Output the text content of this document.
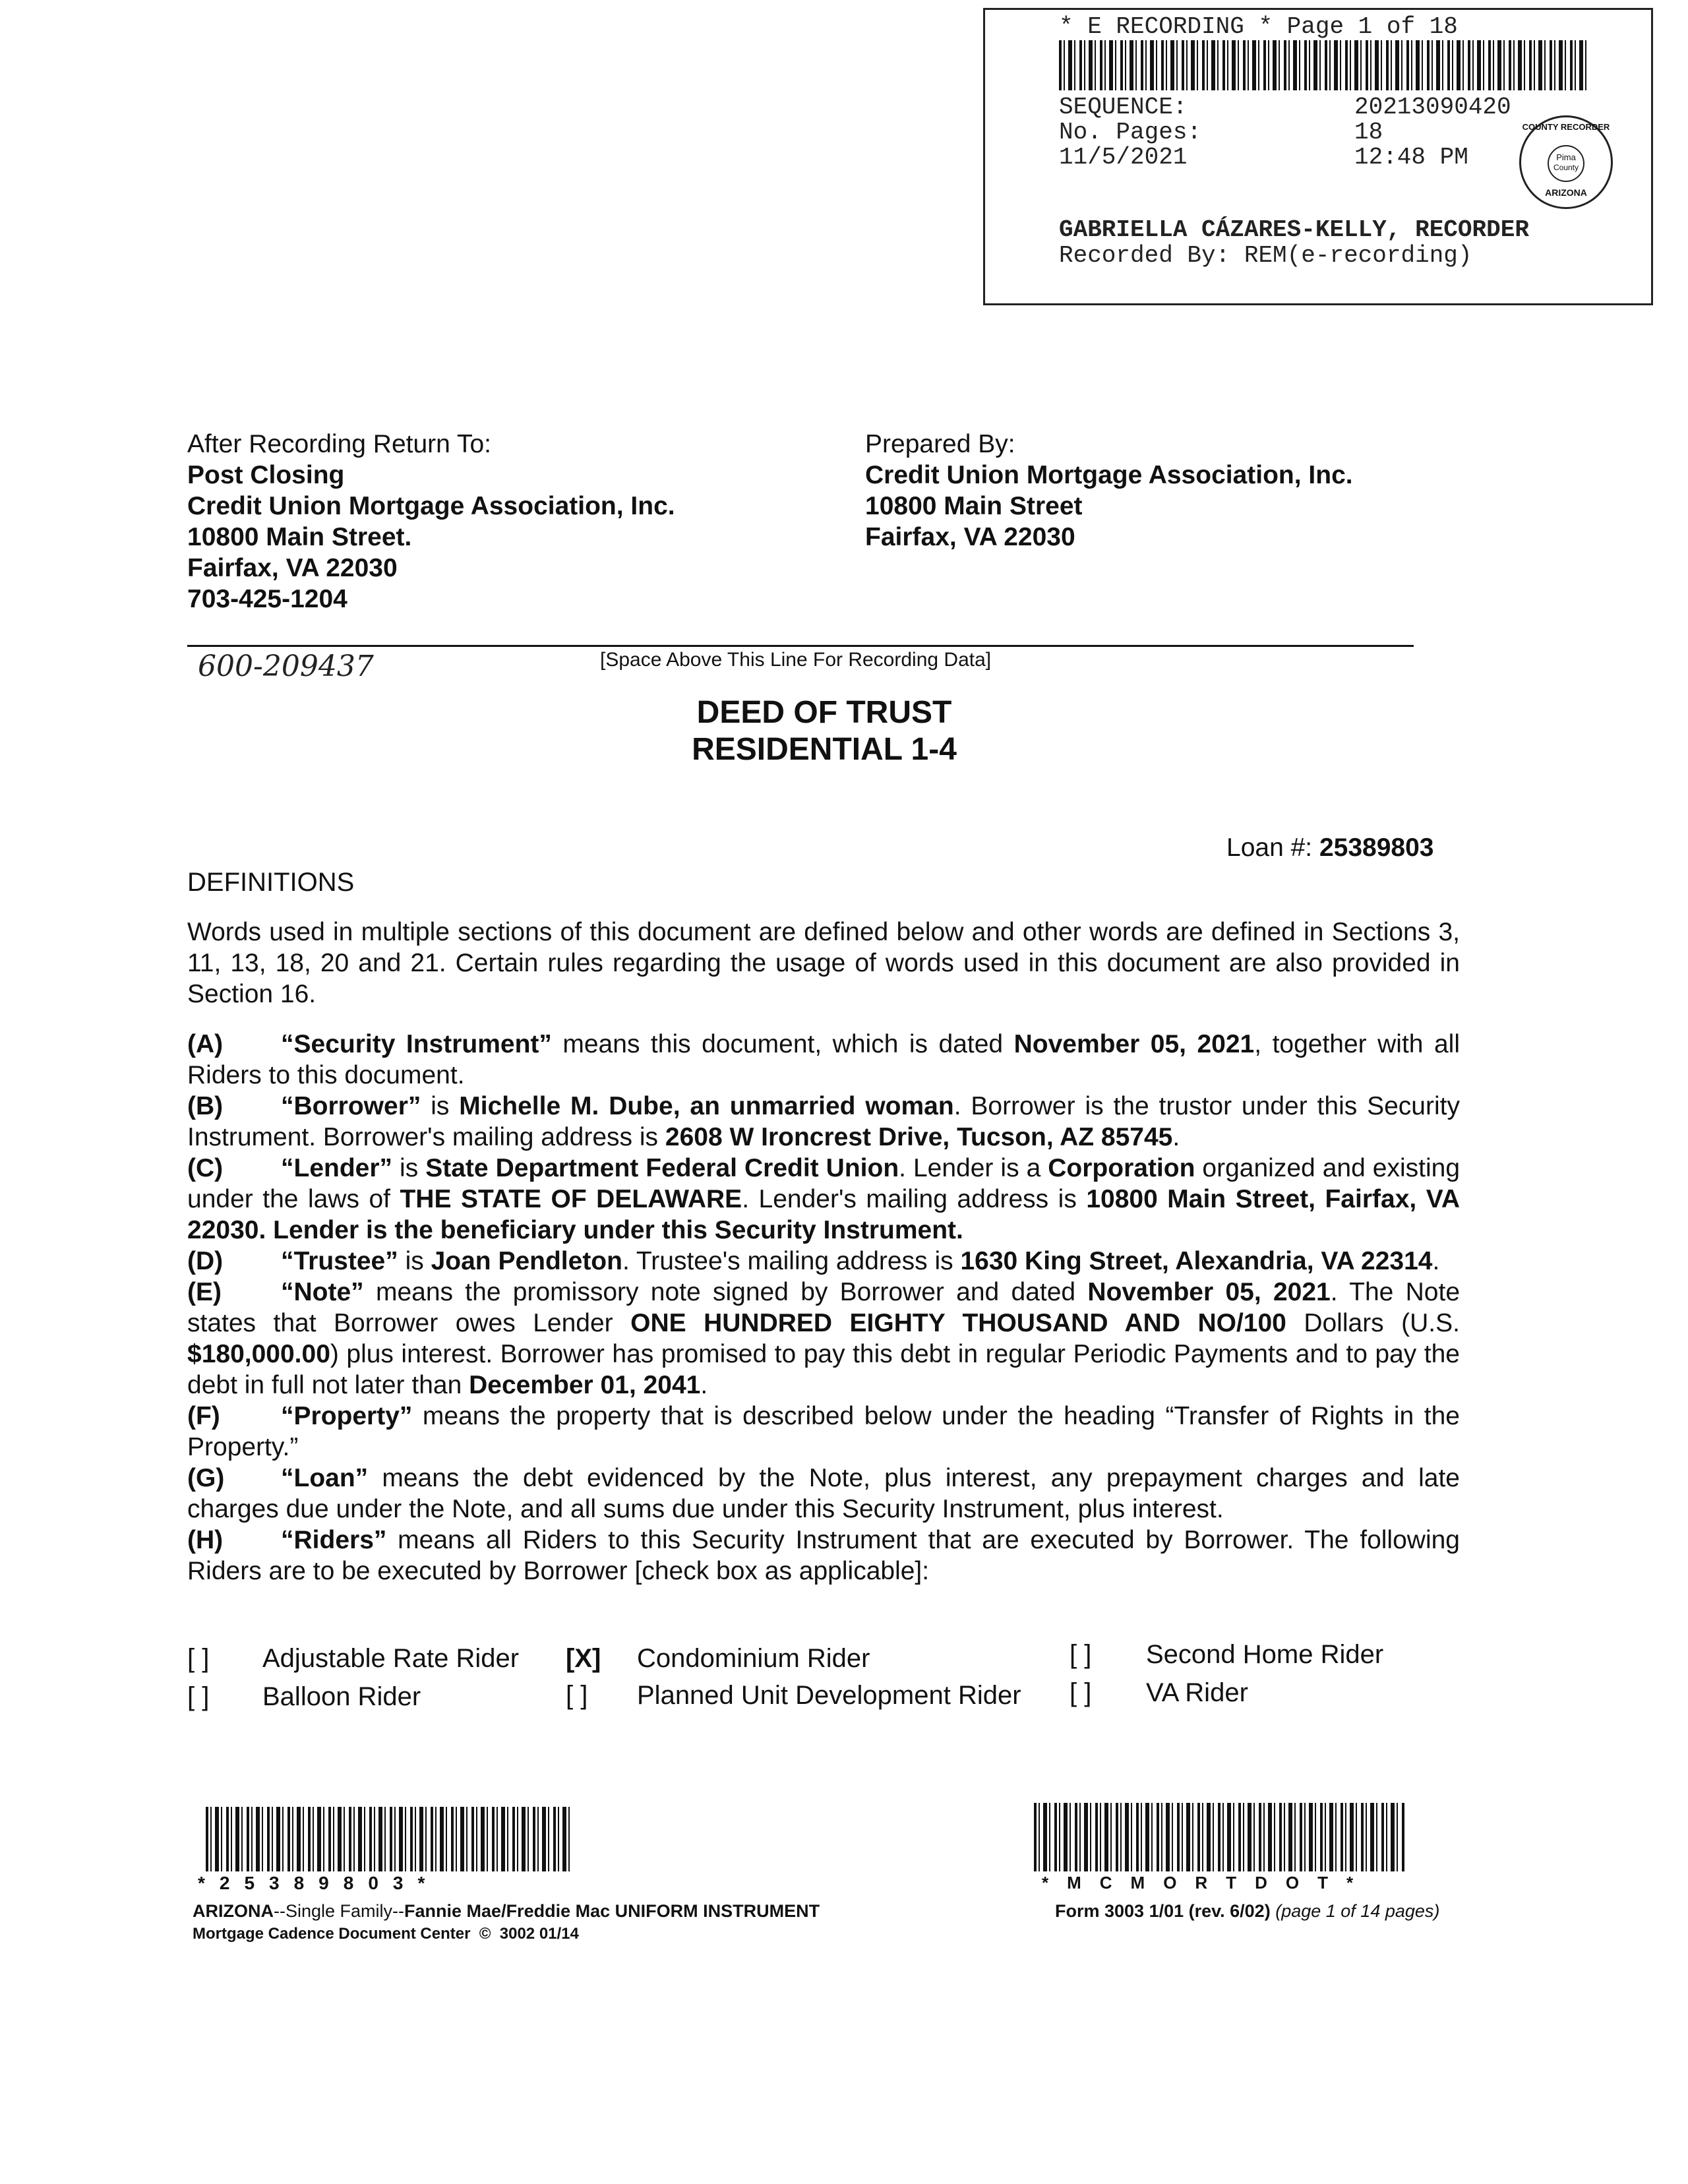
* E RECORDING * Page 1 of 18
SEQUENCE:	20213090420
No. Pages:	18
11/5/2021	12:48 PM
COUNTY RECORDER
Pima
County
ARIZONA
GABRIELLA CÁZARES-KELLY, RECORDER
Recorded By: REM(e-recording)
After Recording Return To:
Post Closing
Credit Union Mortgage Association, Inc.
10800 Main Street.
Fairfax, VA 22030
703-425-1204
Prepared By:
Credit Union Mortgage Association, Inc.
10800 Main Street
Fairfax, VA 22030
600-209437	[Space Above This Line For Recording Data]
DEED OF TRUST
RESIDENTIAL 1-4
Loan #: 25389803
DEFINITIONS
Words used in multiple sections of this document are defined below and other words are defined in Sections 3, 11, 13, 18, 20 and 21. Certain rules regarding the usage of words used in this document are also provided in Section 16.

(A) “Security Instrument” means this document, which is dated November 05, 2021, together with all Riders to this document.

(B) “Borrower” is Michelle M. Dube, an unmarried woman. Borrower is the trustor under this Security Instrument. Borrower's mailing address is 2608 W Ironcrest Drive, Tucson, AZ 85745.

(C) “Lender” is State Department Federal Credit Union. Lender is a Corporation organized and existing under the laws of THE STATE OF DELAWARE. Lender's mailing address is 10800 Main Street, Fairfax, VA 22030. Lender is the beneficiary under this Security Instrument.

(D) “Trustee” is Joan Pendleton. Trustee's mailing address is 1630 King Street, Alexandria, VA 22314.

(E) “Note” means the promissory note signed by Borrower and dated November 05, 2021. The Note states that Borrower owes Lender ONE HUNDRED EIGHTY THOUSAND AND NO/100 Dollars (U.S. $180,000.00) plus interest. Borrower has promised to pay this debt in regular Periodic Payments and to pay the debt in full not later than December 01, 2041.

(F) “Property” means the property that is described below under the heading “Transfer of Rights in the Property.”

(G) “Loan” means the debt evidenced by the Note, plus interest, any prepayment charges and late charges due under the Note, and all sums due under this Security Instrument, plus interest.

(H) “Riders” means all Riders to this Security Instrument that are executed by Borrower. The following Riders are to be executed by Borrower [check box as applicable]:

[ ] Adjustable Rate Rider [X] Condominium Rider	[ ] Second Home Rider
[ ] Balloon Rider	[ ] Planned Unit Development Rider [ ] VA Rider
*25389803*	*MCMORTDOT*
ARIZONA--Single Family--Fannie Mae/Freddie Mac UNIFORM INSTRUMENT
Mortgage Cadence Document Center  ©  3002 01/14
Form 3003 1/01 (rev. 6/02) (page 1 of 14 pages)
